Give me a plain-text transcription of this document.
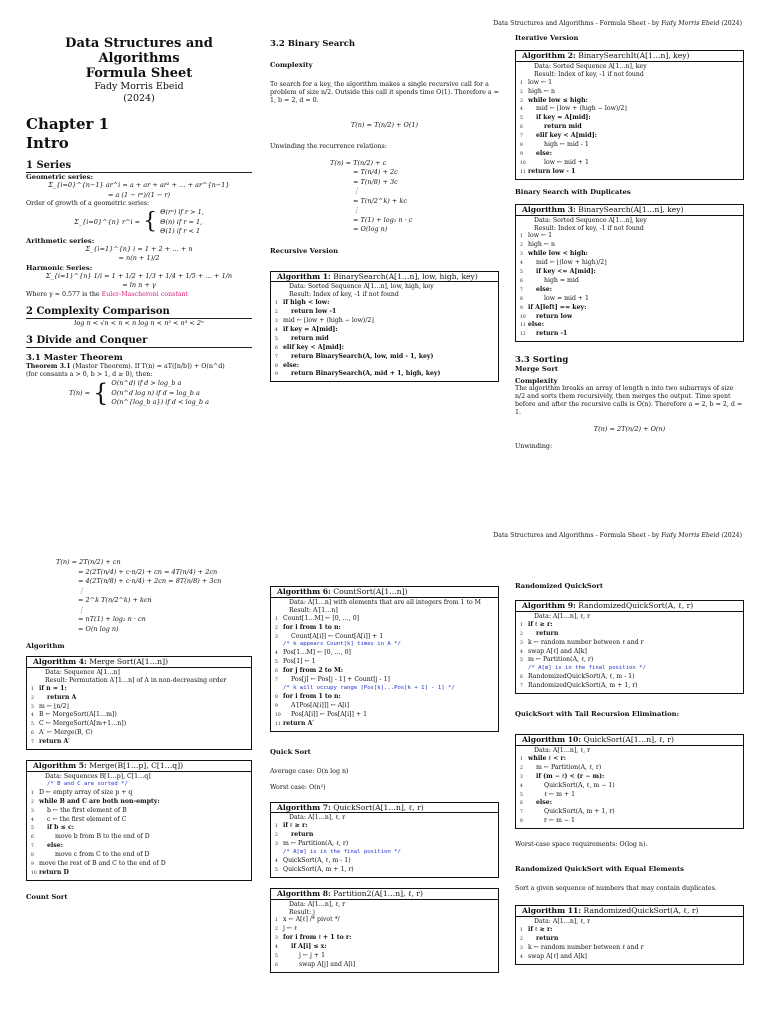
Data Structures and Algorithms - Formula Sheet - by Fady Morris Ebeid (2024)
Data Structures and Algorithms
Formula Sheet
Fady Morris Ebeid
(2024)
Chapter 1
Intro
1 Series
Geometric series:
Σ_{i=0}^{n−1} ar^i = a + ar + ar² + … + ar^{n−1}
= a (1 − rⁿ)/(1 − r)
Order of growth of a geometric series:
Σ_{i=0}^{n} r^i = { Θ(rⁿ) if r > 1,
Θ(n) if r = 1,
Θ(1) if r < 1
Arithmetic series:
Σ_{i=1}^{n} i = 1 + 2 + … + n
= n(n + 1)/2
Harmonic Series:
Σ_{i=1}^{n} 1/i = 1 + 1/2 + 1/3 + 1/4 + 1/5 + … + 1/n
= ln n + γ
Where γ ≈ 0.577 is the Euler-Mascheroni constant
2 Complexity Comparison
log n < √n < n < n log n < n² < n³ < 2ⁿ
3 Divide and Conquer
3.1 Master Theorem
Theorem 3.1 (Master Theorem). If T(n) = aT(⌈n/b⌉) + O(n^d)
(for consants a > 0, b > 1, d ≥ 0), then:
T(n) = { O(n^d) if d > log_b a
O(n^d log n) if d = log_b a
O(n^{log_b a}) if d < log_b a
3.2 Binary Search
Complexity
To search for a key, the algorithm makes a single recursive call for a problem of size n/2. Outside this call it spends time O(1). Therefore a = 1, b = 2, d = 0.
T(n) = T(n/2) + O(1)
Unwinding the recurrence relations:
T(n) = T(n/2) + c
= T(n/4) + 2c
= T(n/8) + 3c
⋮
= T(n/2^k) + kc
⋮
= T(1) + log₂ n · c
= O(log n)
Recursive Version
Algorithm 1: BinarySearch(A[1…n], low, high, key)
Data: Sorted Sequence A[1…n], low, high, key
Result: Index of key, -1 if not found
1 if high < low:
2	return low -1
3 mid ← ⌊low + (high − low)/2⌋
4 if key = A[mid]:
5	return mid
6 elif key < A[mid]:
7	return BinarySearch(A, low, mid - 1, key)
8 else:
9	return BinarySearch(A, mid + 1, high, key)
Iterative Version
Algorithm 2: BinarySearchIt(A[1…n], key)
Data: Sorted Sequence A[1…n], key
Result: Index of key, -1 if not found
1 low ← 1
2 high ← n
3 while low ≤ high:
4	mid ← ⌊low + (high − low)/2⌋
5	if key = A[mid]:
6	return mid
7	elif key < A[mid]:
8	high ← mid - 1
9	else:
10	low ← mid + 1
11 return low - 1
Binary Search with Duplicates
Algorithm 3: BinarySearch(A[1…n], key)
Data: Sorted Sequence A[1…n], key
Result: Index of key, -1 if not found
1 low ← 1
2 high ← n
3 while low < high:
4	mid ← ⌊(low + high)/2⌋
5	if key <= A[mid]:
6	high = mid
7	else:
8	low = mid + 1
9 if A[left] == key:
10	return low
11 else:
12	return -1
3.3 Sorting
Merge Sort
Complexity
The algorithm breaks an array of length n into two subarrays of size n/2 and sorts them recursively, then merges the output. Time spent before and after the recursive calls is O(n). Therefore a = 2, b = 2, d = 1.
T(n) = 2T(n/2) + O(n)
Unwinding:
Data Structures and Algorithms - Formula Sheet - by Fady Morris Ebeid (2024)
T(n) = 2T(n/2) + cn
= 2(2T(n/4) + c·n/2) + cn = 4T(n/4) + 2cn
= 4(2T(n/8) + c·n/4) + 2cn = 8T(n/8) + 3cn
⋮
= 2^k T(n/2^k) + kcn
⋮
= nT(1) + log₂ n · cn
= O(n log n)
Algorithm
Algorithm 4: Merge Sort(A[1…n])
Data: Sequence A[1…n]
Result: Permutation A′[1…n] of A in non-decreasing order
1 if n = 1:
2	return A
3 m ← ⌊n/2⌋
4 B ← MergeSort(A[1…m])
5 C ← MergeSort(A[m+1…n])
6 A′ ← Merge(B, C)
7 return A′
Algorithm 5: Merge(B[1…p], C[1…q])
Data: Sequences B[1…p], C[1…q]
/* B and C are sorted */
1 D ← empty array of size p + q
2 while B and C are both non-empty:
3	b ← the first element of B
4	c ← the first element of C
5	if b ≤ c:
6	move b from B to the end of D
7	else:
8	move c from C to the end of D
9 move the rest of B and C to the end of D
10 return D
Count Sort
Algorithm 6: CountSort(A[1…n])
Data: A[1…n] with elements that are all integers from 1 to M
Result: A′[1…n]
1 Count[1…M] ← [0, …, 0]
2 for i from 1 to n:
3	Count[A[i]] ← Count[A[i]] + 1
/* k appears Count[k] times in A */
4 Pos[1…M] ← [0, …, 0]
5 Pos[1] ← 1
6 for j from 2 to M:
7	Pos[j] ← Pos[j - 1] + Count[j - 1]
/* k will occupy range [Pos[k]...Pos[k + 1] - 1] */
8 for i from 1 to n:
9	A′[Pos[A[i]]] ← A[i]
10	Pos[A[i]] ← Pos[A[i]] + 1
11 return A′
Quick Sort
Average case: O(n log n)
Worst case: O(n²)
Algorithm 7: QuickSort(A[1…n], ℓ, r)
Data: A[1…n], ℓ, r
1 if ℓ ≥ r:
2	return
3 m ← Partition(A, ℓ, r)
/* A[m] is in the final position */
4 QuickSort(A, ℓ, m - 1)
5 QuickSort(A, m + 1, r)
Algorithm 8: Partition2(A[1…n], ℓ, r)
Data: A[1…n], ℓ, r
Result: j
1 x ← A[ℓ] /* pivot */
2 j ← ℓ
3 for i from ℓ + 1 to r:
4	if A[i] ≤ x:
5	j ← j + 1
6	swap A[j] and A[i]
Randomized QuickSort
Algorithm 9: RandomizedQuickSort(A, ℓ, r)
Data: A[1…n], ℓ, r
1 if ℓ ≥ r:
2	return
3 k ← random number between ℓ and r
4 swap A[ℓ] and A[k]
5 m ← Partition(A, ℓ, r)
/* A[m] is in the final position */
6 RandomizedQuickSort(A, ℓ, m - 1)
7 RandomizedQuickSort(A, m + 1, r)
QuickSort with Tail Recursion Elimination:
Algorithm 10: QuickSort(A[1…n], ℓ, r)
Data: A[1…n], ℓ, r
1 while ℓ < r:
2	m ← Partition(A, ℓ, r)
3	if (m − ℓ) < (r − m):
4	QuickSort(A, ℓ, m − 1)
5	ℓ ← m + 1
6	else:
7	QuickSort(A, m + 1, r)
8	r ← m − 1
Worst-case space requirements: O(log n).
Randomized QuickSort with Equal Elements
Sort a given sequence of numbers that may contain duplicates.
Algorithm 11: RandomizedQuickSort(A, ℓ, r)
Data: A[1…n], ℓ, r
1 if ℓ ≥ r:
2	return
3 k ← random number between ℓ and r
4 swap A[ℓ] and A[k]
